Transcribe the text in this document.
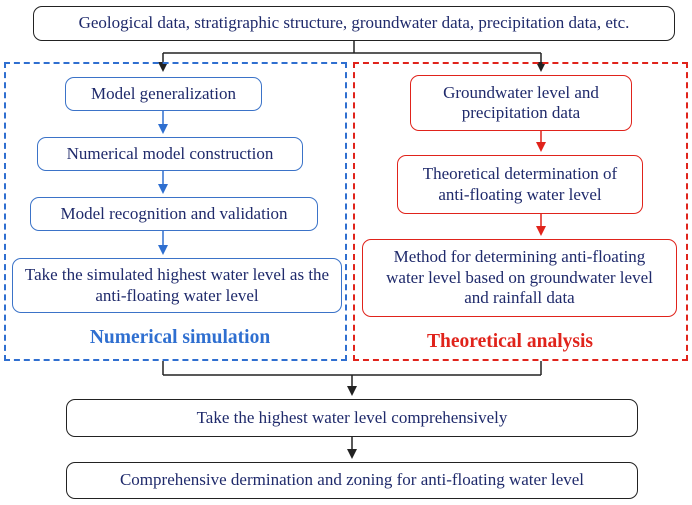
Geological data, stratigraphic structure, groundwater data, precipitation data, etc.
Model generalization
Numerical model construction
Model recognition and validation
Take the simulated highest water level as the anti-floating water level
Numerical simulation
Groundwater level and precipitation data
Theoretical determination of anti-floating water level
Method for determining anti-floating water level based on groundwater level and rainfall data
Theoretical analysis
Take the highest water level comprehensively
Comprehensive dermination and zoning for anti-floating water level
